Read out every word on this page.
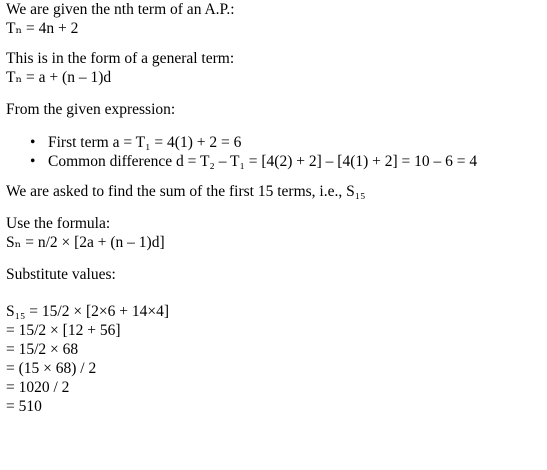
We are given the nth term of an A.P.:
Tₙ = 4n + 2
This is in the form of a general term:
Tₙ = a + (n – 1)d
From the given expression:
• First term a = T₁ = 4(1) + 2 = 6
• Common difference d = T₂ – T₁ = [4(2) + 2] – [4(1) + 2] = 10 – 6 = 4
We are asked to find the sum of the first 15 terms, i.e., S₁₅
Use the formula:
Sₙ = n/2 × [2a + (n – 1)d]
Substitute values:
S₁₅ = 15/2 × [2×6 + 14×4]
= 15/2 × [12 + 56]
= 15/2 × 68
= (15 × 68) / 2
= 1020 / 2
= 510
